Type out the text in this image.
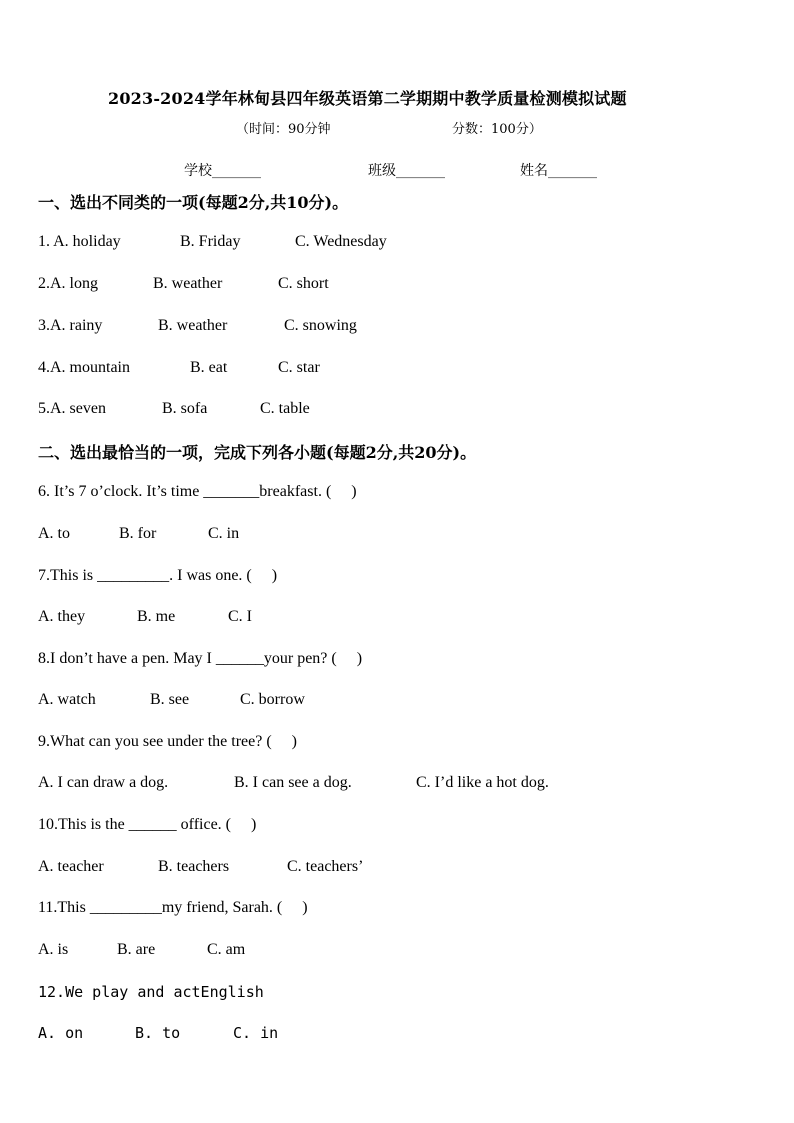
2023-2024学年林甸县四年级英语第二学期期中教学质量检测模拟试题
（时间：90分钟	分数：100分）
学校_______	班级_______	姓名_______
一、选出不同类的一项(每题2分,共10分)。
1. A. holiday	B. Friday	C. Wednesday
2.A. long	B. weather	C. short
3.A. rainy	B. weather	C. snowing
4.A. mountain	B. eat	C. star
5.A. seven	B. sofa	C. table
二、选出最恰当的一项，完成下列各小题(每题2分,共20分)。
6. It’s 7 o’clock. It’s time _______breakfast. (     )
A. to	B. for	C. in
7.This is _________. I was one. (     )
A. they	B. me	C. I
8.I don’t have a pen. May I ______your pen? (     )
A. watch	B. see	C. borrow
9.What can you see under the tree? (     )
A. I can draw a dog.	B. I can see a dog.	C. I’d like a hot dog.
10.This is the ______ office. (     )
A. teacher	B. teachers	C. teachers’
11.This _________my friend, Sarah. (     )
A. is	B. are	C. am
12.We play and actEnglish
A. on	B. to	C. in
